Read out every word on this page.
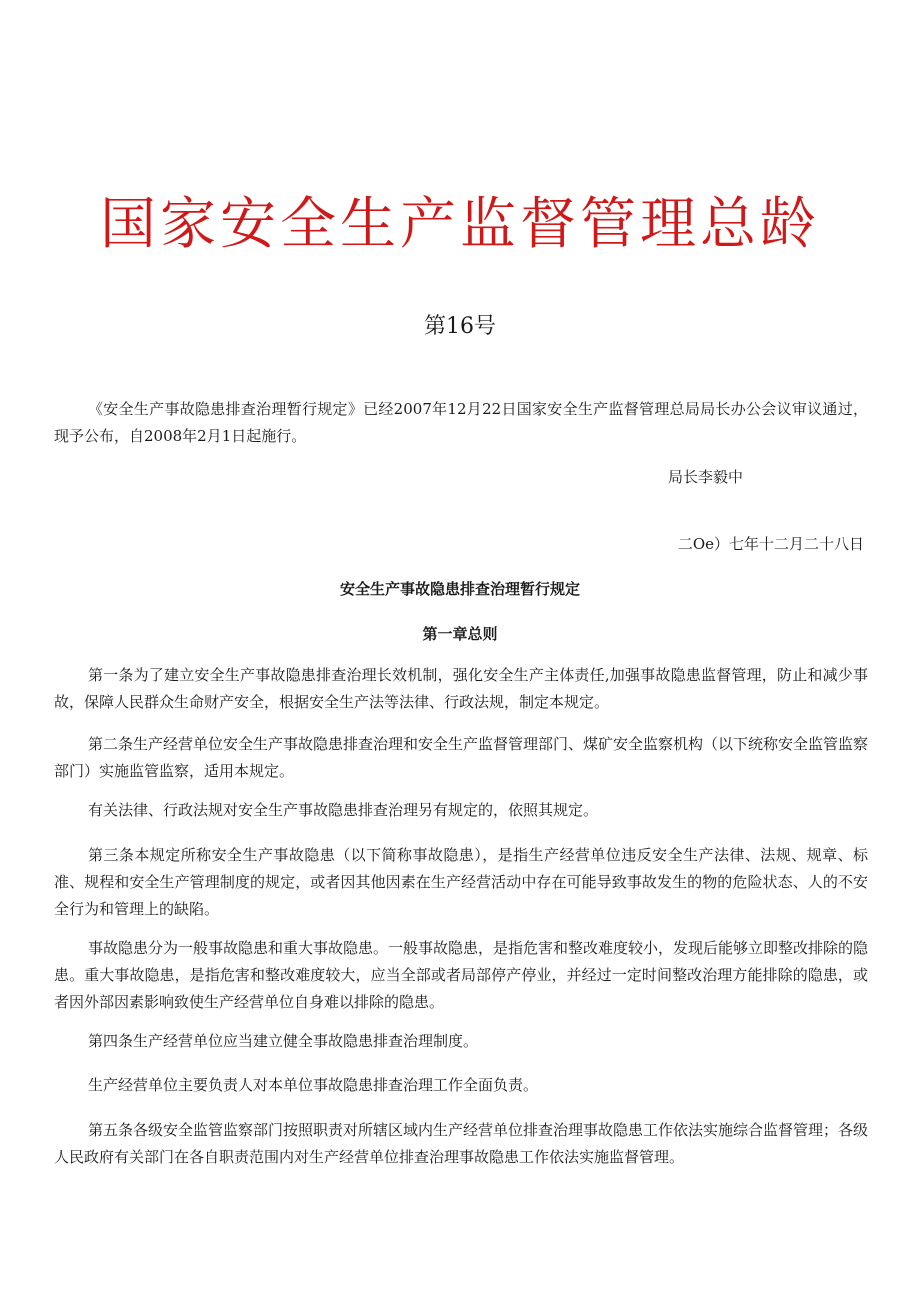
国家安全生产监督管理总龄
第16号
《安全生产事故隐患排查治理暂行规定》已经2007年12月22日国家安全生产监督管理总局局长办公会议审议通过，现予公布，自2008年2月1日起施行。
局长李毅中
二Oe）七年十二月二十八日
安全生产事故隐患排查治理暂行规定
第一章总则
第一条为了建立安全生产事故隐患排查治理长效机制，强化安全生产主体责任,加强事故隐患监督管理，防止和减少事故，保障人民群众生命财产安全，根据安全生产法等法律、行政法规，制定本规定。
第二条生产经营单位安全生产事故隐患排查治理和安全生产监督管理部门、煤矿安全监察机构（以下统称安全监管监察部门）实施监管监察，适用本规定。
有关法律、行政法规对安全生产事故隐患排查治理另有规定的，依照其规定。
第三条本规定所称安全生产事故隐患（以下简称事故隐患），是指生产经营单位违反安全生产法律、法规、规章、标准、规程和安全生产管理制度的规定，或者因其他因素在生产经营活动中存在可能导致事故发生的物的危险状态、人的不安全行为和管理上的缺陷。
事故隐患分为一般事故隐患和重大事故隐患。一般事故隐患，是指危害和整改难度较小，发现后能够立即整改排除的隐患。重大事故隐患，是指危害和整改难度较大，应当全部或者局部停产停业，并经过一定时间整改治理方能排除的隐患，或者因外部因素影响致使生产经营单位自身难以排除的隐患。
第四条生产经营单位应当建立健全事故隐患排查治理制度。
生产经营单位主要负责人对本单位事故隐患排查治理工作全面负责。
第五条各级安全监管监察部门按照职责对所辖区域内生产经营单位排查治理事故隐患工作依法实施综合监督管理；各级人民政府有关部门在各自职责范围内对生产经营单位排查治理事故隐患工作依法实施监督管理。
